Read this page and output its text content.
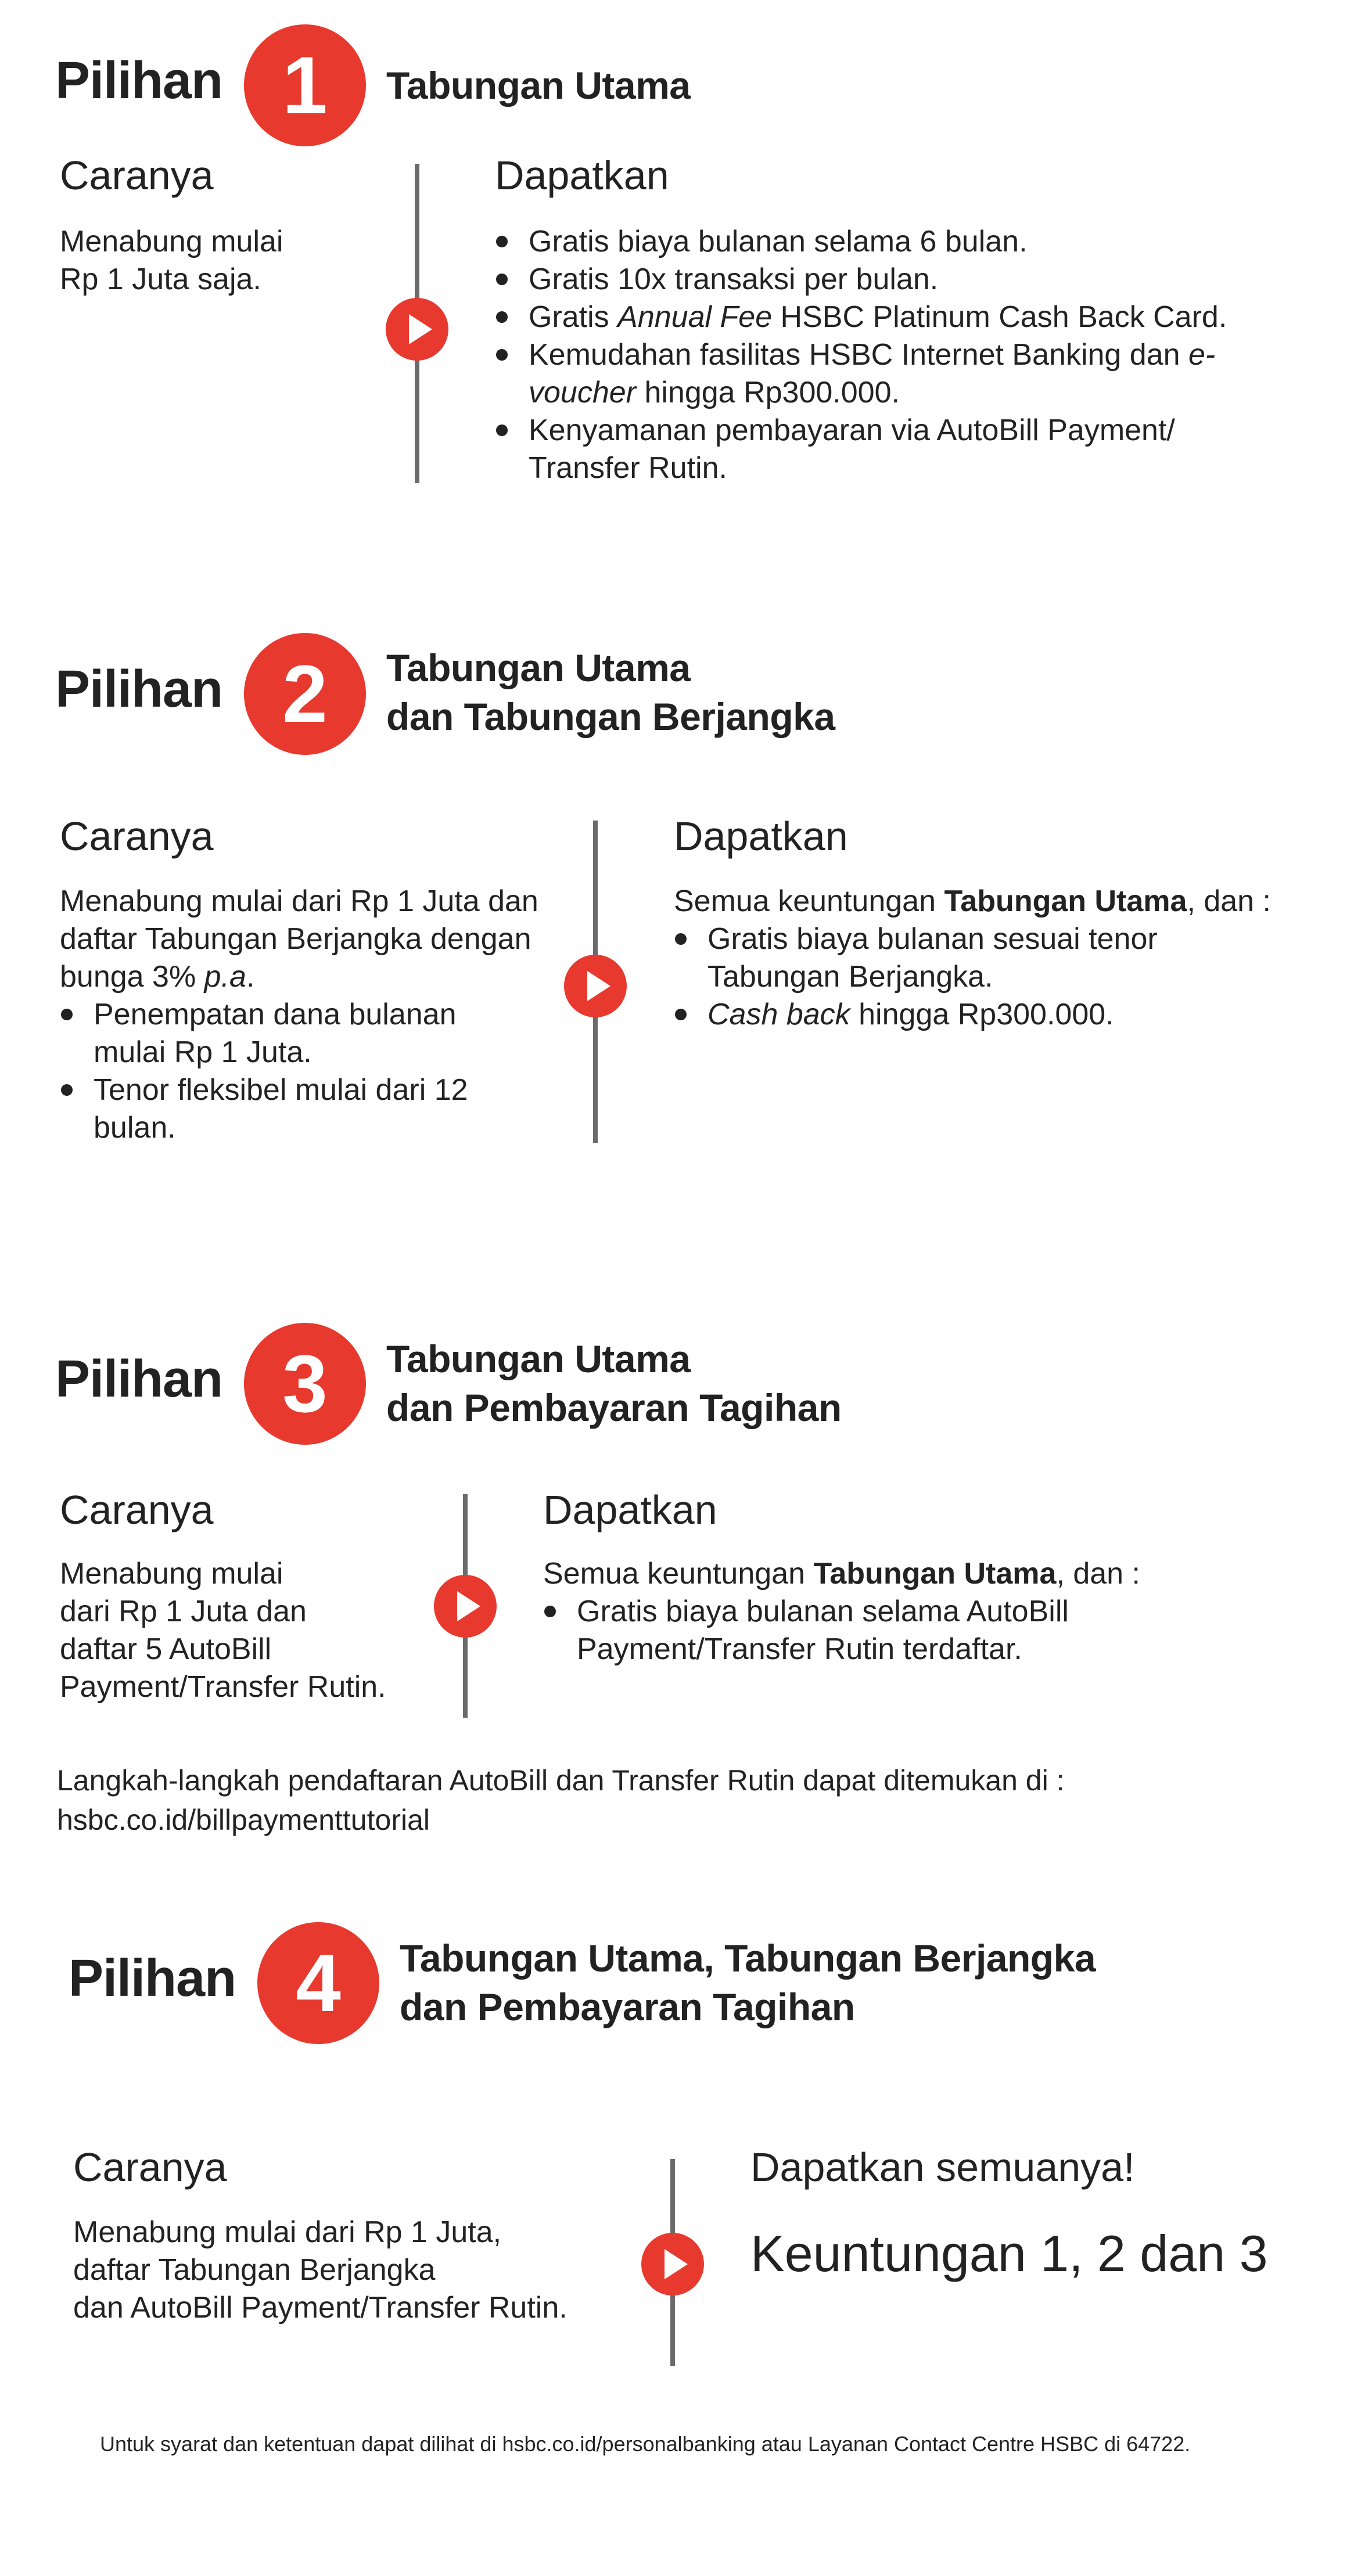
Pilihan 1	Tabungan Utama
Caranya

Menabung mulai

Rp 1 Juta saja.

Dapatkan
Gratis biaya bulanan selama 6 bulan.
Gratis 10x transaksi per bulan.
Gratis Annual Fee HSBC Platinum Cash Back Card.
Kemudahan fasilitas HSBC Internet Banking dan e-voucher hingga Rp300.000.
Kenyamanan pembayaran via AutoBill Payment/ Transfer Rutin.
Pilihan 2	Tabungan Utama
dan Tabungan Berjangka
Caranya

Menabung mulai dari Rp 1 Juta dan daftar Tabungan Berjangka dengan bunga 3% p.a.

Penempatan dana bulanan mulai Rp 1 Juta.
Tenor fleksibel mulai dari 12 bulan.
Dapatkan

Semua keuntungan Tabungan Utama, dan :

Gratis biaya bulanan sesuai tenor Tabungan Berjangka.
Cash back hingga Rp300.000.
Pilihan 3	Tabungan Utama
dan Pembayaran Tagihan
Caranya

Menabung mulai

dari Rp 1 Juta dan

daftar 5 AutoBill

Payment/Transfer Rutin.

Dapatkan

Semua keuntungan Tabungan Utama, dan :

Gratis biaya bulanan selama AutoBill Payment/Transfer Rutin terdaftar.
Langkah-langkah pendaftaran AutoBill dan Transfer Rutin dapat ditemukan di :
hsbc.co.id/billpaymenttutorial
Pilihan 4	Tabungan Utama, Tabungan Berjangka
dan Pembayaran Tagihan
Caranya

Menabung mulai dari Rp 1 Juta,

daftar Tabungan Berjangka

dan AutoBill Payment/Transfer Rutin.

Dapatkan semuanya!
Keuntungan 1, 2 dan 3
Untuk syarat dan ketentuan dapat dilihat di hsbc.co.id/personalbanking atau Layanan Contact Centre HSBC di 64722.
